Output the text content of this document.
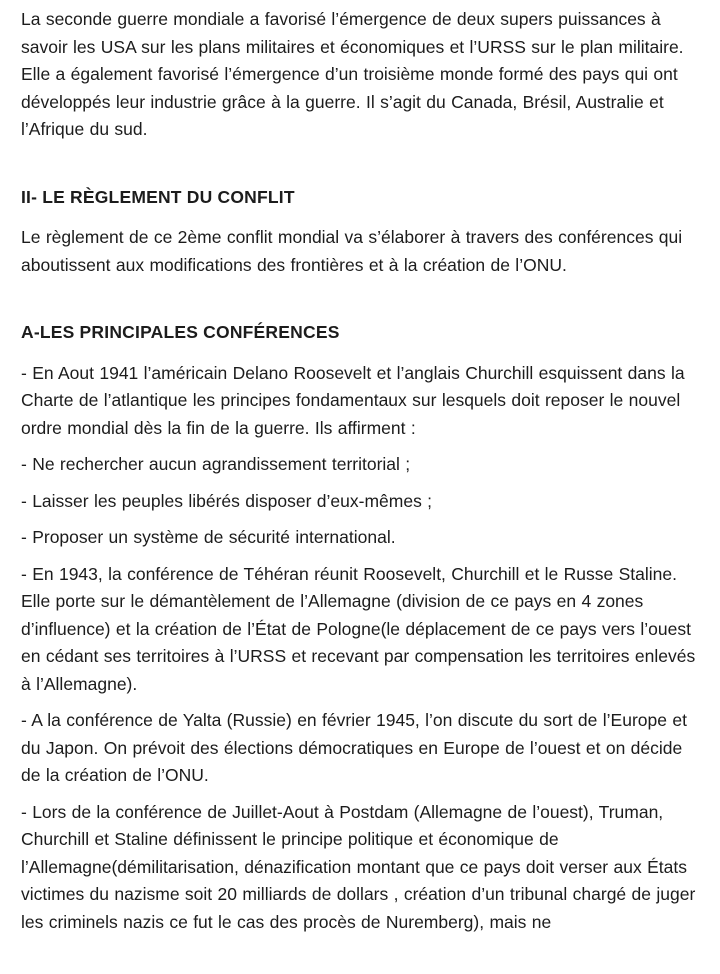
La seconde guerre mondiale a favorisé l’émergence de deux supers puissances à savoir les USA sur les plans militaires et économiques et l’URSS sur le plan militaire. Elle a également favorisé l’émergence d’un troisième monde formé des pays qui ont développés leur industrie grâce à la guerre. Il s’agit du Canada, Brésil, Australie et l’Afrique du sud.

II- LE RÈGLEMENT DU CONFLIT

Le règlement de ce 2ème conflit mondial va s’élaborer à travers des conférences qui aboutissent aux modifications des frontières et à la création de l’ONU.

A-LES PRINCIPALES CONFÉRENCES

- En Aout 1941 l’américain Delano Roosevelt et l’anglais Churchill esquissent dans la Charte de l’atlantique les principes fondamentaux sur lesquels doit reposer le nouvel ordre mondial dès la fin de la guerre. Ils affirment :

- Ne rechercher aucun agrandissement territorial ;

- Laisser les peuples libérés disposer d’eux-mêmes ;

- Proposer un système de sécurité international.

- En 1943, la conférence de Téhéran réunit Roosevelt, Churchill et le Russe Staline. Elle porte sur le démantèlement de l’Allemagne (division de ce pays en 4 zones d’influence) et la création de l’État de Pologne(le déplacement de ce pays vers l’ouest en cédant ses territoires à l’URSS et recevant par compensation les territoires enlevés à l’Allemagne).

- A la conférence de Yalta (Russie) en février 1945, l’on discute du sort de l’Europe et du Japon. On prévoit des élections démocratiques en Europe de l’ouest et on décide de la création de l’ONU.

- Lors de la conférence de Juillet-Aout à Postdam (Allemagne de l’ouest), Truman, Churchill et Staline définissent le principe politique et économique de l’Allemagne(démilitarisation, dénazification montant que ce pays doit verser aux États victimes du nazisme soit 20 milliards de dollars , création d’un tribunal chargé de juger les criminels nazis ce fut le cas des procès de Nuremberg), mais ne
